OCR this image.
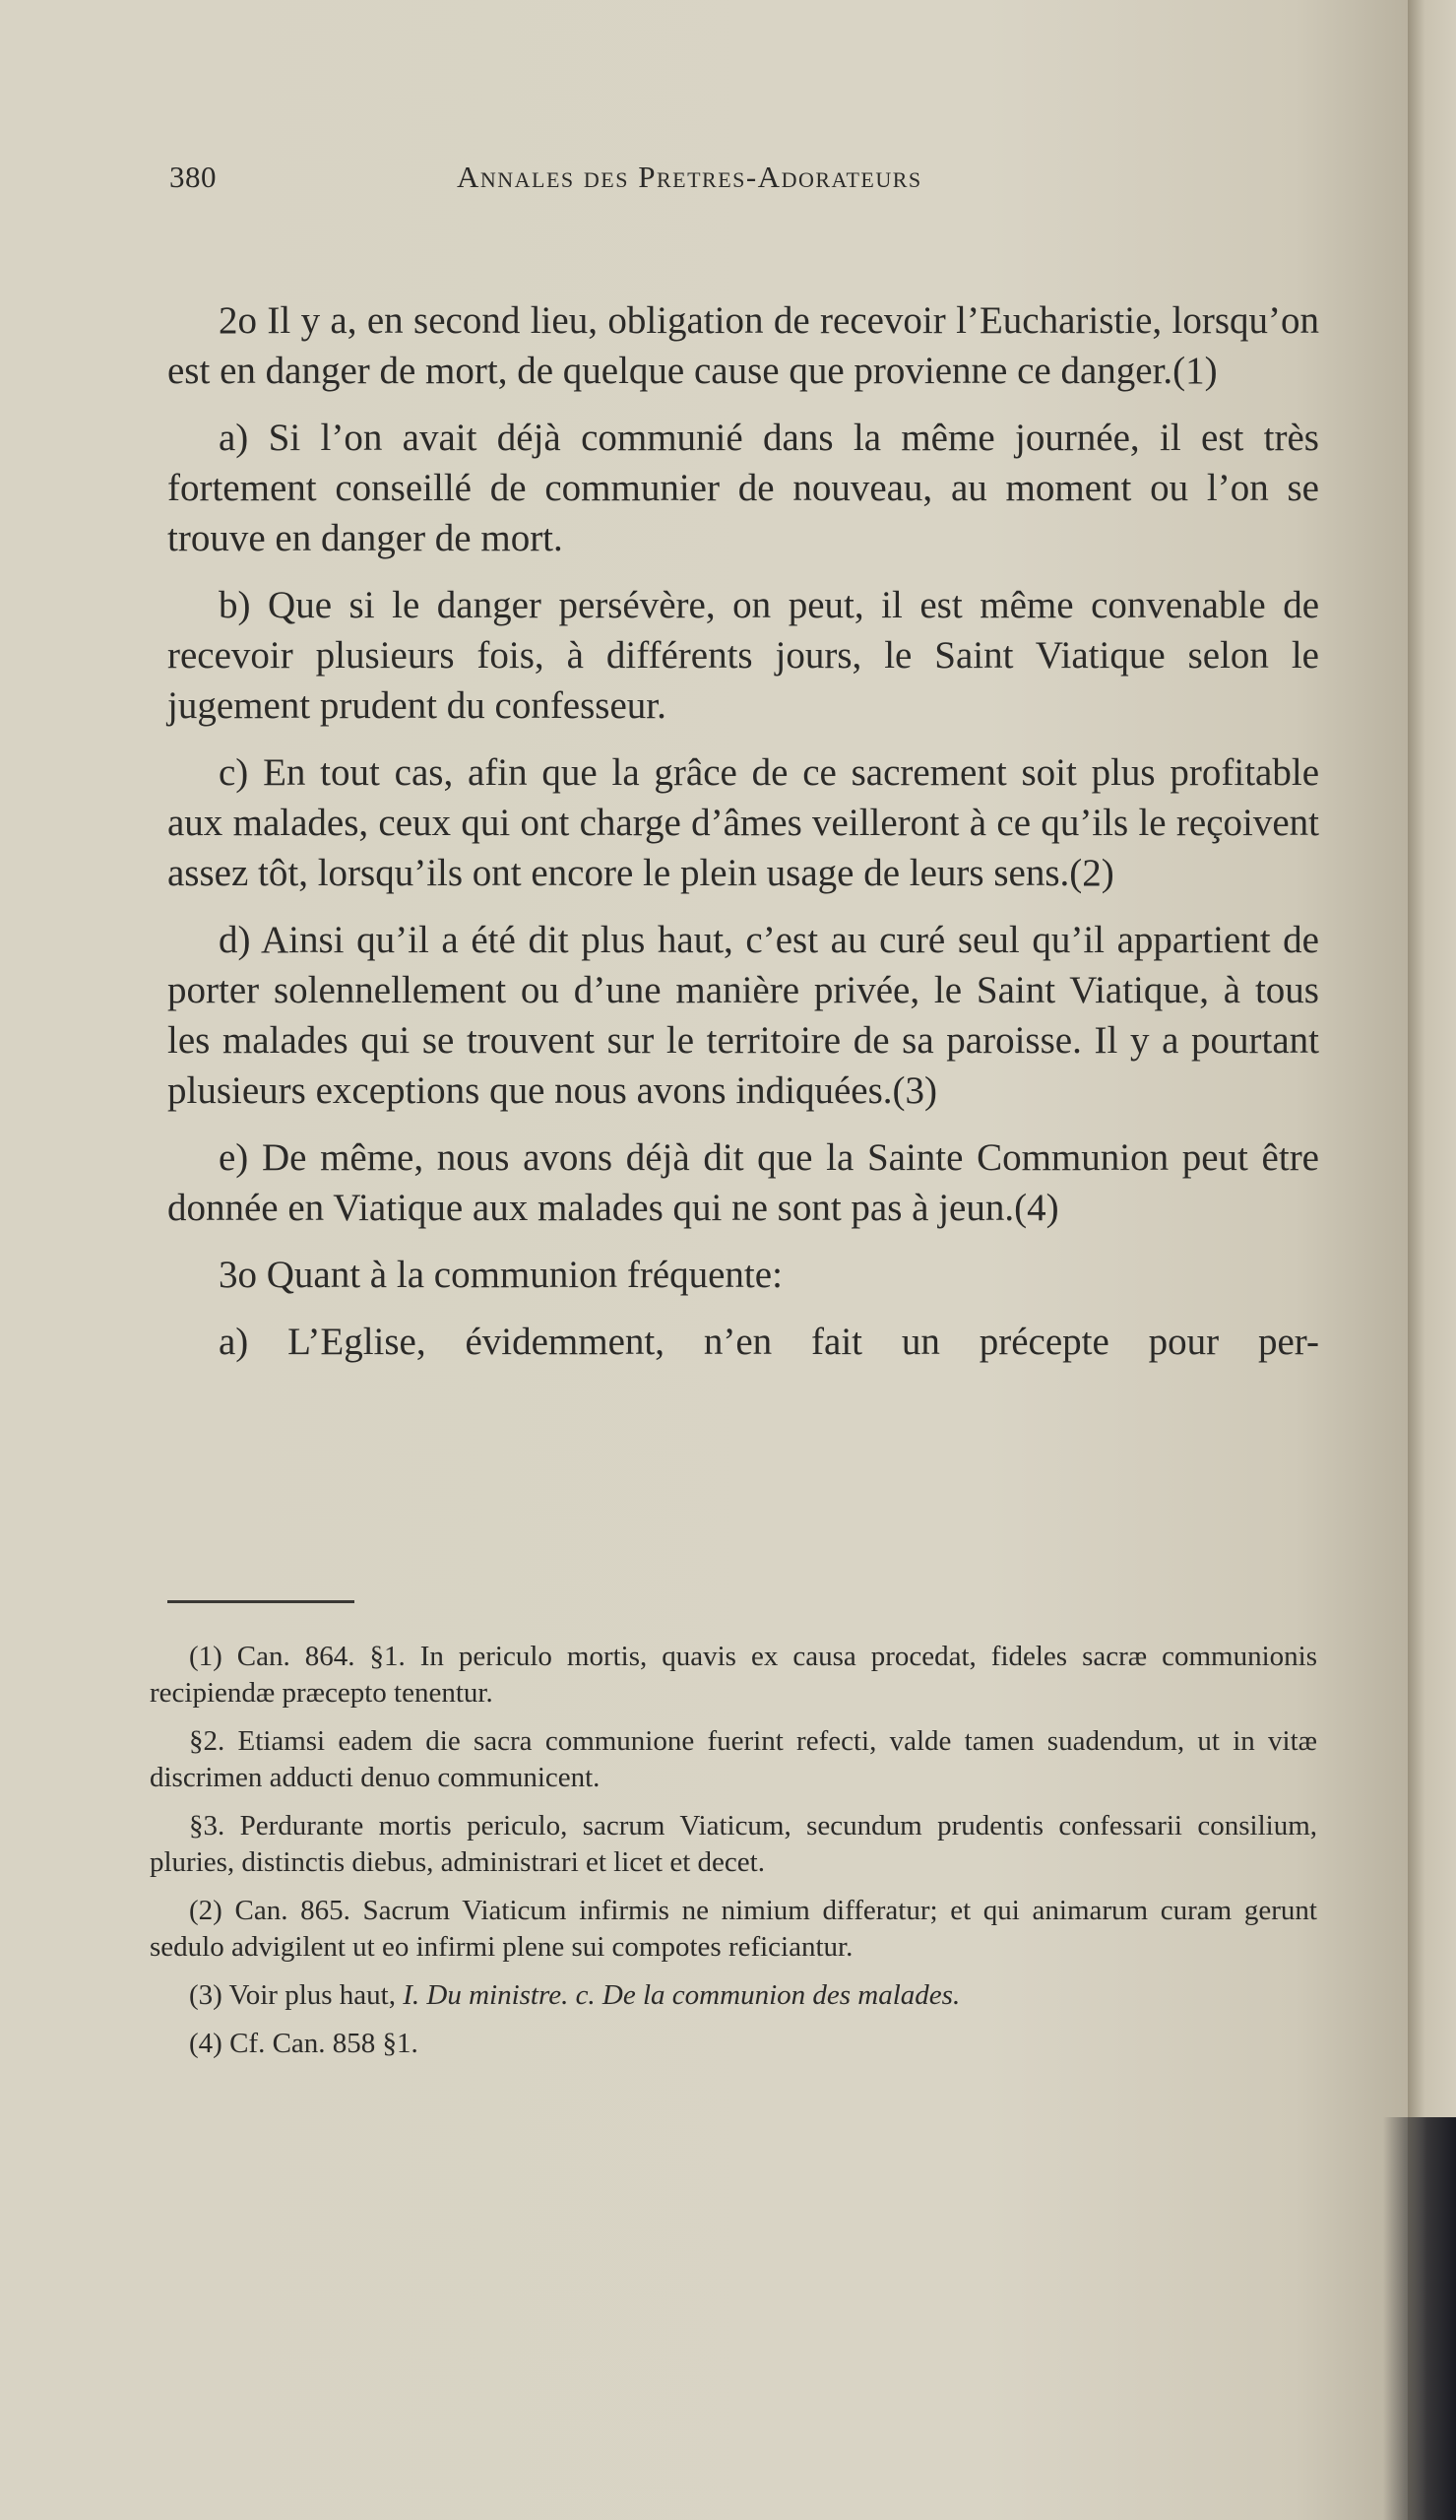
380	Annales des Pretres-Adorateurs

2o Il y a, en second lieu, obligation de recevoir l’Eucharistie, lorsqu’on est en danger de mort, de quelque cause que provienne ce danger.(1)

a) Si l’on avait déjà communié dans la même journée, il est très fortement conseillé de communier de nouveau, au moment ou l’on se trouve en danger de mort.

b) Que si le danger persévère, on peut, il est même convenable de recevoir plusieurs fois, à différents jours, le Saint Viatique selon le jugement prudent du confesseur.

c) En tout cas, afin que la grâce de ce sacrement soit plus profitable aux malades, ceux qui ont charge d’âmes veilleront à ce qu’ils le reçoivent assez tôt, lorsqu’ils ont encore le plein usage de leurs sens.(2)

d) Ainsi qu’il a été dit plus haut, c’est au curé seul qu’il appartient de porter solennellement ou d’une manière privée, le Saint Viatique, à tous les malades qui se trouvent sur le territoire de sa paroisse. Il y a pourtant plusieurs exceptions que nous avons indiquées.(3)

e) De même, nous avons déjà dit que la Sainte Communion peut être donnée en Viatique aux malades qui ne sont pas à jeun.(4)

3o Quant à la communion fréquente:

a) L’Eglise, évidemment, n’en fait un précepte pour per-

(1) Can. 864. §1. In periculo mortis, quavis ex causa procedat, fideles sacræ communionis recipiendæ præcepto tenentur.

§2. Etiamsi eadem die sacra communione fuerint refecti, valde tamen suadendum, ut in vitæ discrimen adducti denuo communicent.

§3. Perdurante mortis periculo, sacrum Viaticum, secundum prudentis confessarii consilium, pluries, distinctis diebus, administrari et licet et decet.

(2) Can. 865. Sacrum Viaticum infirmis ne nimium differatur; et qui animarum curam gerunt sedulo advigilent ut eo infirmi plene sui compotes reficiantur.

(3) Voir plus haut, I. Du ministre. c. De la communion des malades.

(4) Cf. Can. 858 §1.
